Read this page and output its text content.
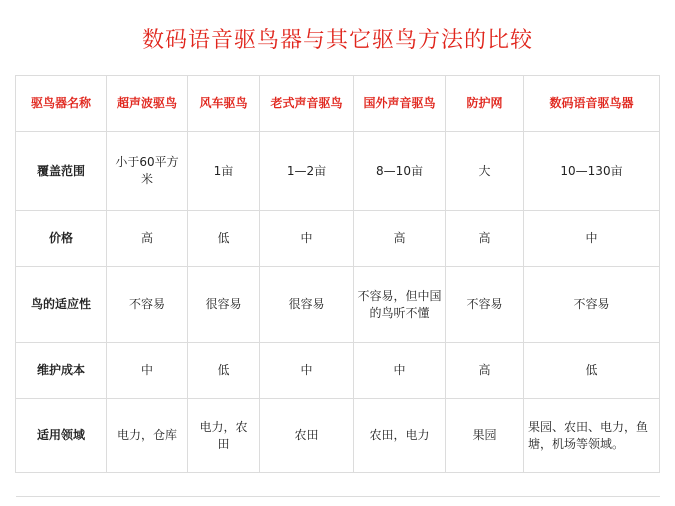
数码语音驱鸟器与其它驱鸟方法的比较
驱鸟器名称	超声波驱鸟	风车驱鸟	老式声音驱鸟	国外声音驱鸟	防护网	数码语音驱鸟器
覆盖范围	小于60平方米	1亩	1—2亩	8—10亩	大	10—130亩
价格	高	低	中	高	高	中
鸟的适应性	不容易	很容易	很容易	不容易，但中国的鸟听不懂	不容易	不容易
维护成本	中	低	中	中	高	低
适用领域	电力，仓库	电力，农田	农田	农田，电力	果园	果园、农田、电力，鱼塘，机场等领域。
